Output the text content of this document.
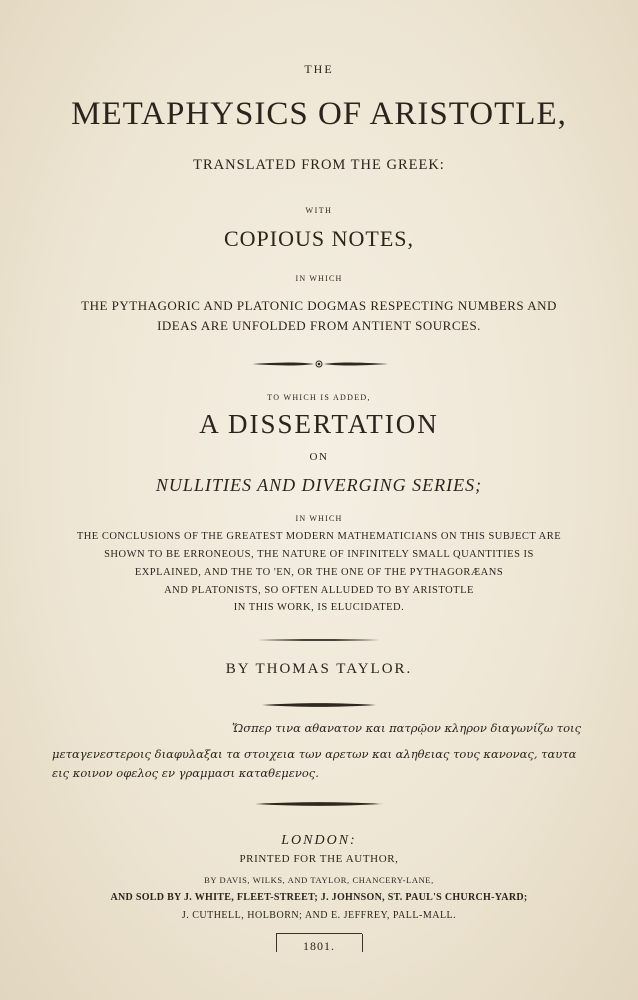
THE
METAPHYSICS OF ARISTOTLE,
TRANSLATED FROM THE GREEK:
WITH
COPIOUS NOTES,
IN WHICH
THE PYTHAGORIC AND PLATONIC DOGMAS RESPECTING NUMBERS AND
IDEAS ARE UNFOLDED FROM ANTIENT SOURCES.
TO WHICH IS ADDED,
A DISSERTATION
ON
NULLITIES AND DIVERGING SERIES;
IN WHICH
THE CONCLUSIONS OF THE GREATEST MODERN MATHEMATICIANS ON THIS SUBJECT ARE
SHOWN TO BE ERRONEOUS, THE NATURE OF INFINITELY SMALL QUANTITIES IS
EXPLAINED, AND THE TO 'EN, OR THE ONE OF THE PYTHAGORÆANS
AND PLATONISTS, SO OFTEN ALLUDED TO BY ARISTOTLE
IN THIS WORK, IS ELUCIDATED.
BY THOMAS TAYLOR.
Ὥσπερ τινα αθανατον και πατρῷον κληρον διαγωνίζω τοις
μεταγενεστεροις διαφυλαξαι τα στοιχεια των αρετων και αληθειας τους κανονας, ταυτα
εις κοινον οφελος εν γραμμασι καταθεμενος.
LONDON:
PRINTED FOR THE AUTHOR,
BY DAVIS, WILKS, AND TAYLOR, CHANCERY-LANE,
AND SOLD BY J. WHITE, FLEET-STREET; J. JOHNSON, ST. PAUL'S CHURCH-YARD;
J. CUTHELL, HOLBORN; AND E. JEFFREY, PALL-MALL.
1801.
